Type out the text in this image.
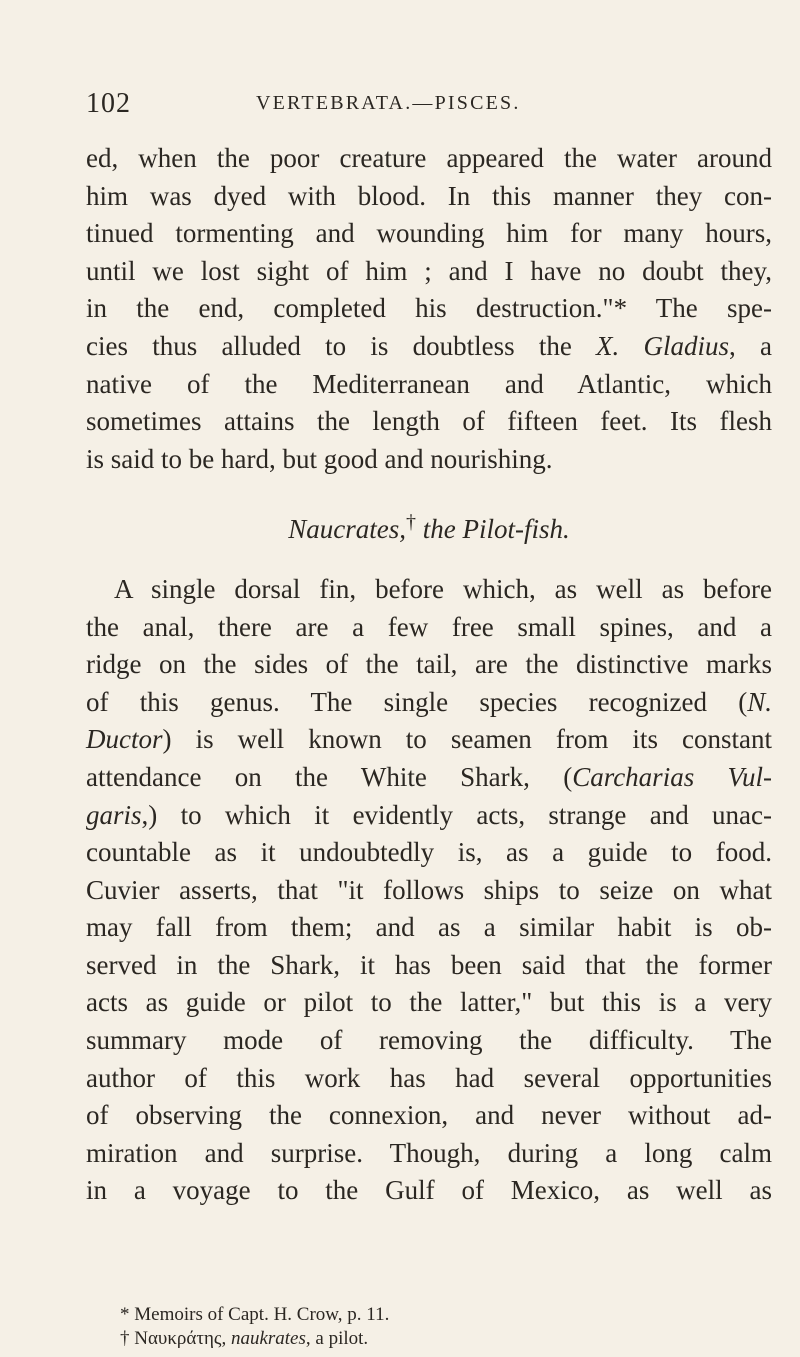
102	VERTEBRATA.—PISCES.
ed, when the poor creature appeared the water around
him was dyed with blood. In this manner they con-
tinued tormenting and wounding him for many hours,
until we lost sight of him ; and I have no doubt they,
in the end, completed his destruction."* The spe-
cies thus alluded to is doubtless the X. Gladius, a
native of the Mediterranean and Atlantic, which
sometimes attains the length of fifteen feet. Its flesh
is said to be hard, but good and nourishing.
Naucrates,† the Pilot-fish.
A single dorsal fin, before which, as well as before
the anal, there are a few free small spines, and a
ridge on the sides of the tail, are the distinctive marks
of this genus. The single species recognized (N.
Ductor) is well known to seamen from its constant
attendance on the White Shark, (Carcharias Vul-
garis,) to which it evidently acts, strange and unac-
countable as it undoubtedly is, as a guide to food.
Cuvier asserts, that "it follows ships to seize on what
may fall from them; and as a similar habit is ob-
served in the Shark, it has been said that the former
acts as guide or pilot to the latter," but this is a very
summary mode of removing the difficulty. The
author of this work has had several opportunities
of observing the connexion, and never without ad-
miration and surprise. Though, during a long calm
in a voyage to the Gulf of Mexico, as well as
* Memoirs of Capt. H. Crow, p. 11.
† Ναυκράτης, naukrates, a pilot.
